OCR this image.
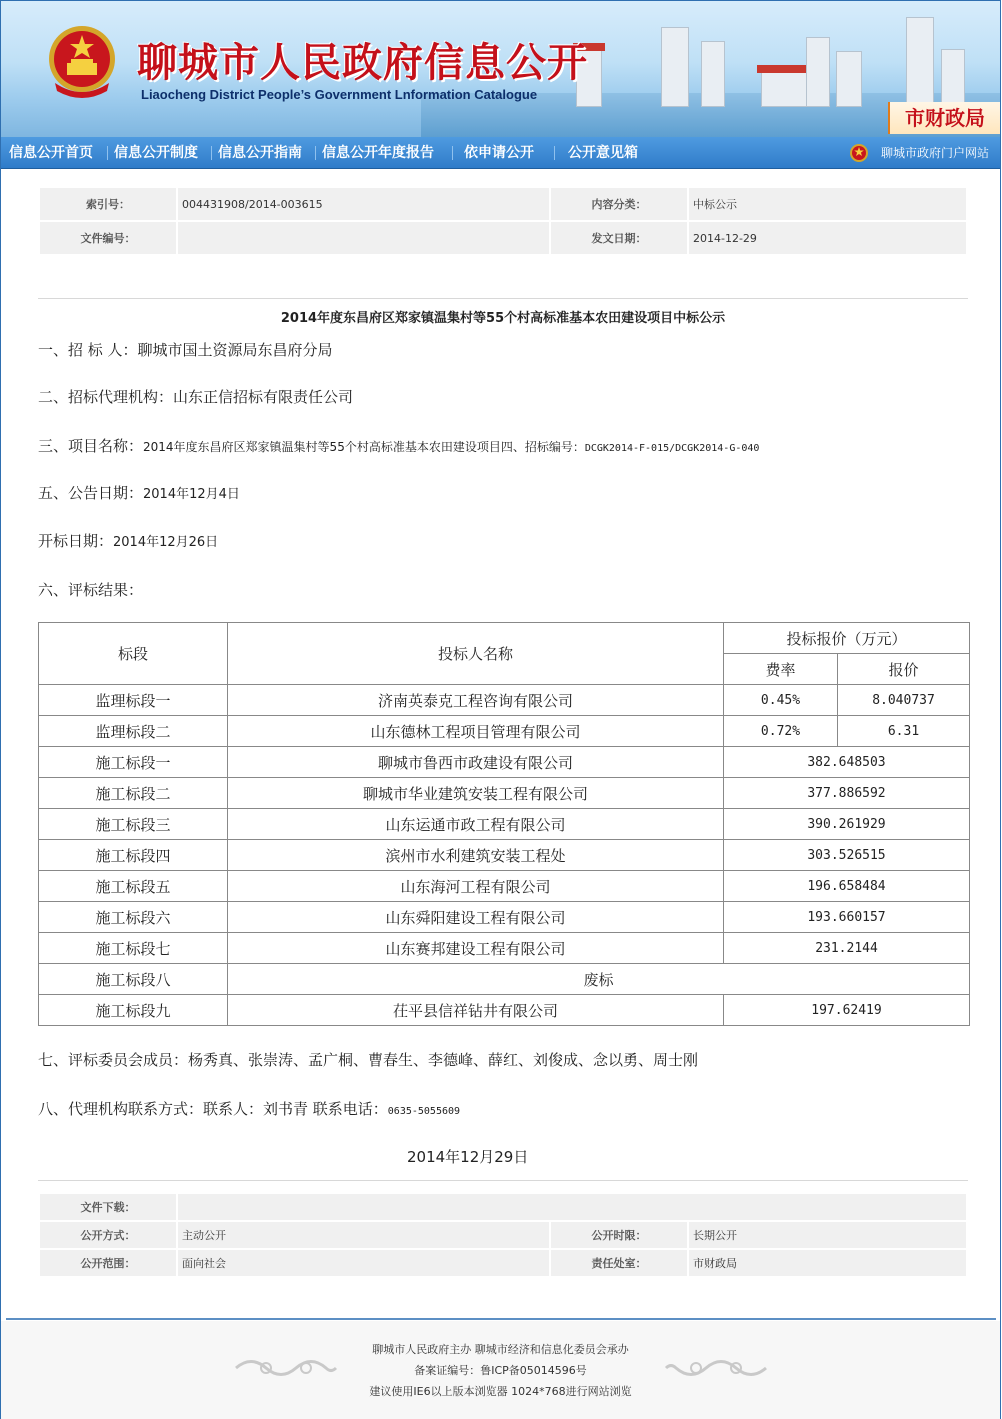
聊城市人民政府信息公开
Liaocheng District People’s Government Lnformation Catalogue
市财政局
信息公开首页 信息公开制度 信息公开指南 信息公开年度报告 依申请公开 公开意见箱	聊城市政府门户网站
索引号：	004431908/2014-003615	内容分类：	中标公示
文件编号：		发文日期：	2014-12-29
2014年度东昌府区郑家镇温集村等55个村高标准基本农田建设项目中标公示
一、招 标 人：聊城市国土资源局东昌府分局
二、招标代理机构：山东正信招标有限责任公司
三、项目名称：2014年度东昌府区郑家镇温集村等55个村高标准基本农田建设项目四、招标编号：DCGK2014-F-015/DCGK2014-G-040
五、公告日期：2014年12月4日
开标日期：2014年12月26日
六、评标结果：
标段	投标人名称	投标报价（万元）	
		费率	报价
监理标段一	济南英泰克工程咨询有限公司	0.45%	8.040737
监理标段二	山东德林工程项目管理有限公司	0.72%	6.31
施工标段一	聊城市鲁西市政建设有限公司	382.648503	
施工标段二	聊城市华业建筑安装工程有限公司	377.886592	
施工标段三	山东运通市政工程有限公司	390.261929	
施工标段四	滨州市水利建筑安装工程处	303.526515	
施工标段五	山东海河工程有限公司	196.658484	
施工标段六	山东舜阳建设工程有限公司	193.660157	
施工标段七	山东赛邦建设工程有限公司	231.2144	
施工标段八	废标		
施工标段九	茌平县信祥钻井有限公司	197.62419	
七、评标委员会成员：杨秀真、张崇涛、孟广桐、曹春生、李德峰、薛红、刘俊成、念以勇、周士刚
八、代理机构联系方式：联系人：刘书青 联系电话：0635-5055609
2014年12月29日
文件下载：			
公开方式：	主动公开	公开时限：	长期公开
公开范围：	面向社会	责任处室：	市财政局
聊城市人民政府主办 聊城市经济和信息化委员会承办
备案证编号：鲁ICP备05014596号
建议使用IE6以上版本浏览器 1024*768进行网站浏览
